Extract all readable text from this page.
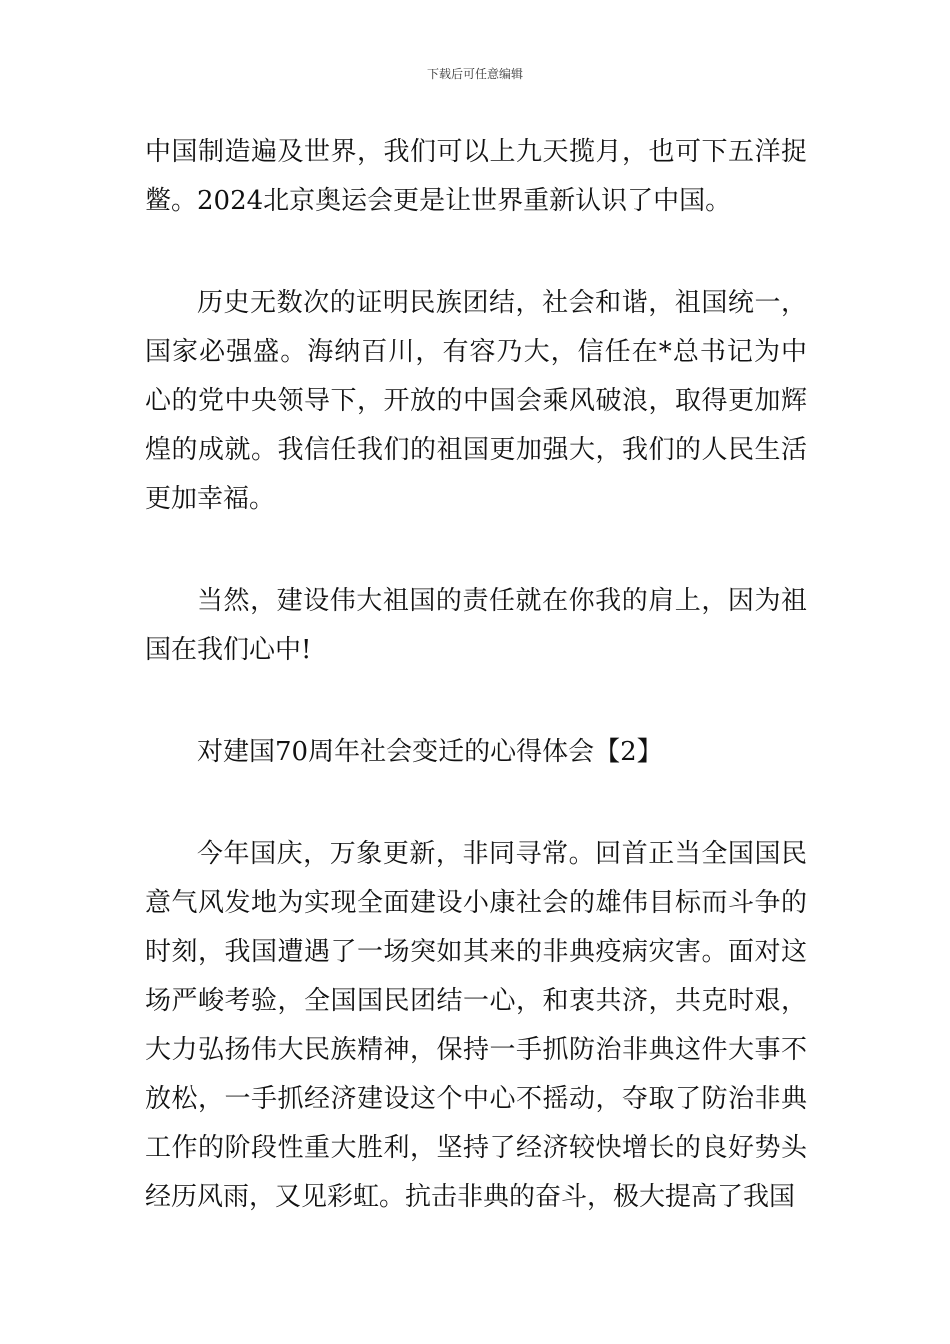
下载后可任意编辑

中国制造遍及世界，我们可以上九天揽月，也可下五洋捉鳖。2024北京奥运会更是让世界重新认识了中国。

历史无数次的证明民族团结，社会和谐，祖国统一，国家必强盛。海纳百川，有容乃大，信任在*总书记为中心的党中央领导下，开放的中国会乘风破浪，取得更加辉煌的成就。我信任我们的祖国更加强大，我们的人民生活更加幸福。

当然，建设伟大祖国的责任就在你我的肩上，因为祖国在我们心中!

对建国70周年社会变迁的心得体会【2】

今年国庆，万象更新，非同寻常。回首正当全国国民意气风发地为实现全面建设小康社会的雄伟目标而斗争的时刻，我国遭遇了一场突如其来的非典疫病灾害。面对这场严峻考验，全国国民团结一心，和衷共济，共克时艰，大力弘扬伟大民族精神，保持一手抓防治非典这件大事不放松，一手抓经济建设这个中心不摇动，夺取了防治非典工作的阶段性重大胜利，坚持了经济较快增长的良好势头经历风雨，又见彩虹。抗击非典的奋斗，极大提高了我国
